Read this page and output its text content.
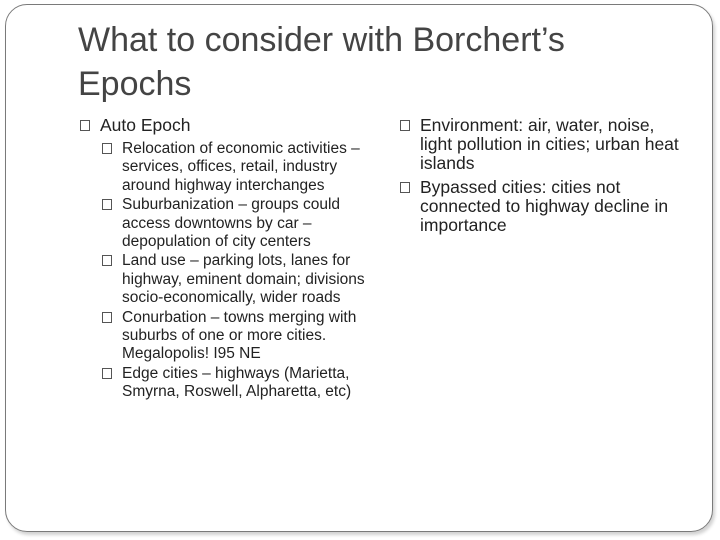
What to consider with Borchert’s Epochs
Auto Epoch
Relocation of economic activities – services, offices, retail, industry around highway interchanges
Suburbanization – groups could access downtowns by car – depopulation of city centers
Land use – parking lots, lanes for highway, eminent domain; divisions socio-economically, wider roads
Conurbation – towns merging with suburbs of one or more cities. Megalopolis! I95 NE
Edge cities – highways (Marietta, Smyrna, Roswell, Alpharetta, etc)
Environment: air, water, noise, light pollution in cities; urban heat islands
Bypassed cities: cities not connected to highway decline in importance
